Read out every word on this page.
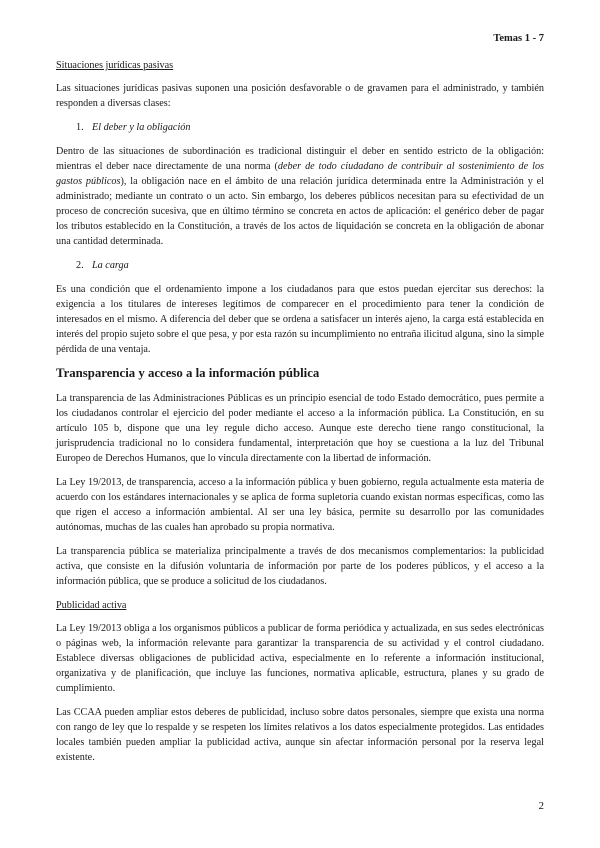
Temas 1 - 7
Situaciones jurídicas pasivas

Las situaciones jurídicas pasivas suponen una posición desfavorable o de gravamen para el administrado, y también responden a diversas clases:

1. El deber y la obligación

Dentro de las situaciones de subordinación es tradicional distinguir el deber en sentido estricto de la obligación: mientras el deber nace directamente de una norma (deber de todo ciudadano de contribuir al sostenimiento de los gastos públicos), la obligación nace en el ámbito de una relación jurídica determinada entre la Administración y el administrado; mediante un contrato o un acto. Sin embargo, los deberes públicos necesitan para su efectividad de un proceso de concreción sucesiva, que en último término se concreta en actos de aplicación: el genérico deber de pagar los tributos establecido en la Constitución, a través de los actos de liquidación se concreta en la obligación de abonar una cantidad determinada.

2. La carga

Es una condición que el ordenamiento impone a los ciudadanos para que estos puedan ejercitar sus derechos: la exigencia a los titulares de intereses legítimos de comparecer en el procedimiento para tener la condición de interesados en el mismo. A diferencia del deber que se ordena a satisfacer un interés ajeno, la carga está establecida en interés del propio sujeto sobre el que pesa, y por esta razón su incumplimiento no entraña ilicitud alguna, sino la simple pérdida de una ventaja.

Transparencia y acceso a la información pública

La transparencia de las Administraciones Públicas es un principio esencial de todo Estado democrático, pues permite a los ciudadanos controlar el ejercicio del poder mediante el acceso a la información pública. La Constitución, en su artículo 105 b, dispone que una ley regule dicho acceso. Aunque este derecho tiene rango constitucional, la jurisprudencia tradicional no lo considera fundamental, interpretación que hoy se cuestiona a la luz del Tribunal Europeo de Derechos Humanos, que lo vincula directamente con la libertad de información.

La Ley 19/2013, de transparencia, acceso a la información pública y buen gobierno, regula actualmente esta materia de acuerdo con los estándares internacionales y se aplica de forma supletoria cuando existan normas específicas, como las que rigen el acceso a información ambiental. Al ser una ley básica, permite su desarrollo por las comunidades autónomas, muchas de las cuales han aprobado su propia normativa.

La transparencia pública se materializa principalmente a través de dos mecanismos complementarios: la publicidad activa, que consiste en la difusión voluntaria de información por parte de los poderes públicos, y el acceso a la información pública, que se produce a solicitud de los ciudadanos.

Publicidad activa

La Ley 19/2013 obliga a los organismos públicos a publicar de forma periódica y actualizada, en sus sedes electrónicas o páginas web, la información relevante para garantizar la transparencia de su actividad y el control ciudadano. Establece diversas obligaciones de publicidad activa, especialmente en lo referente a información institucional, organizativa y de planificación, que incluye las funciones, normativa aplicable, estructura, planes y su grado de cumplimiento.

Las CCAA pueden ampliar estos deberes de publicidad, incluso sobre datos personales, siempre que exista una norma con rango de ley que lo respalde y se respeten los límites relativos a los datos especialmente protegidos. Las entidades locales también pueden ampliar la publicidad activa, aunque sin afectar información personal por la reserva legal existente.

2
